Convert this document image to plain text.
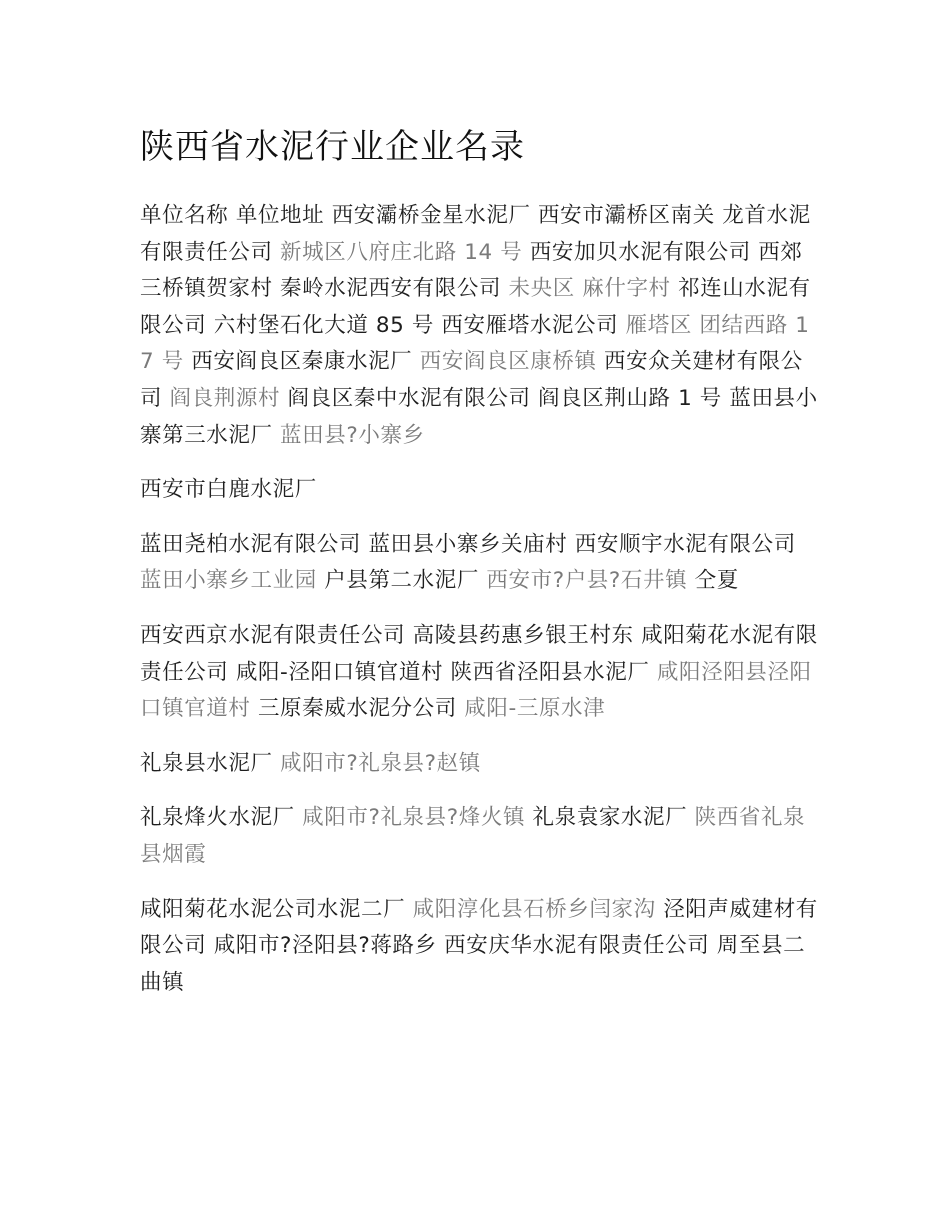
陕西省水泥行业企业名录

单位名称 单位地址 西安灞桥金星水泥厂 西安市灞桥区南关 龙首水泥有限责任公司 新城区八府庄北路 14 号 西安加贝水泥有限公司 西郊三桥镇贺家村 秦岭水泥西安有限公司 未央区 麻什字村 祁连山水泥有限公司 六村堡石化大道 85 号 西安雁塔水泥公司 雁塔区 团结西路 17 号 西安阎良区秦康水泥厂 西安阎良区康桥镇 西安众关建材有限公司 阎良荆源村 阎良区秦中水泥有限公司 阎良区荆山路 1 号 蓝田县小寨第三水泥厂 蓝田县?小寨乡

西安市白鹿水泥厂

蓝田尧柏水泥有限公司 蓝田县小寨乡关庙村 西安顺宇水泥有限公司 蓝田小寨乡工业园 户县第二水泥厂 西安市?户县?石井镇 仝夏

西安西京水泥有限责任公司 高陵县药惠乡银王村东 咸阳菊花水泥有限责任公司 咸阳-泾阳口镇官道村 陕西省泾阳县水泥厂 咸阳泾阳县泾阳口镇官道村 三原秦威水泥分公司 咸阳-三原水津

礼泉县水泥厂 咸阳市?礼泉县?赵镇

礼泉烽火水泥厂 咸阳市?礼泉县?烽火镇 礼泉袁家水泥厂 陕西省礼泉县烟霞

咸阳菊花水泥公司水泥二厂 咸阳淳化县石桥乡闫家沟 泾阳声威建材有限公司 咸阳市?泾阳县?蒋路乡 西安庆华水泥有限责任公司 周至县二曲镇
